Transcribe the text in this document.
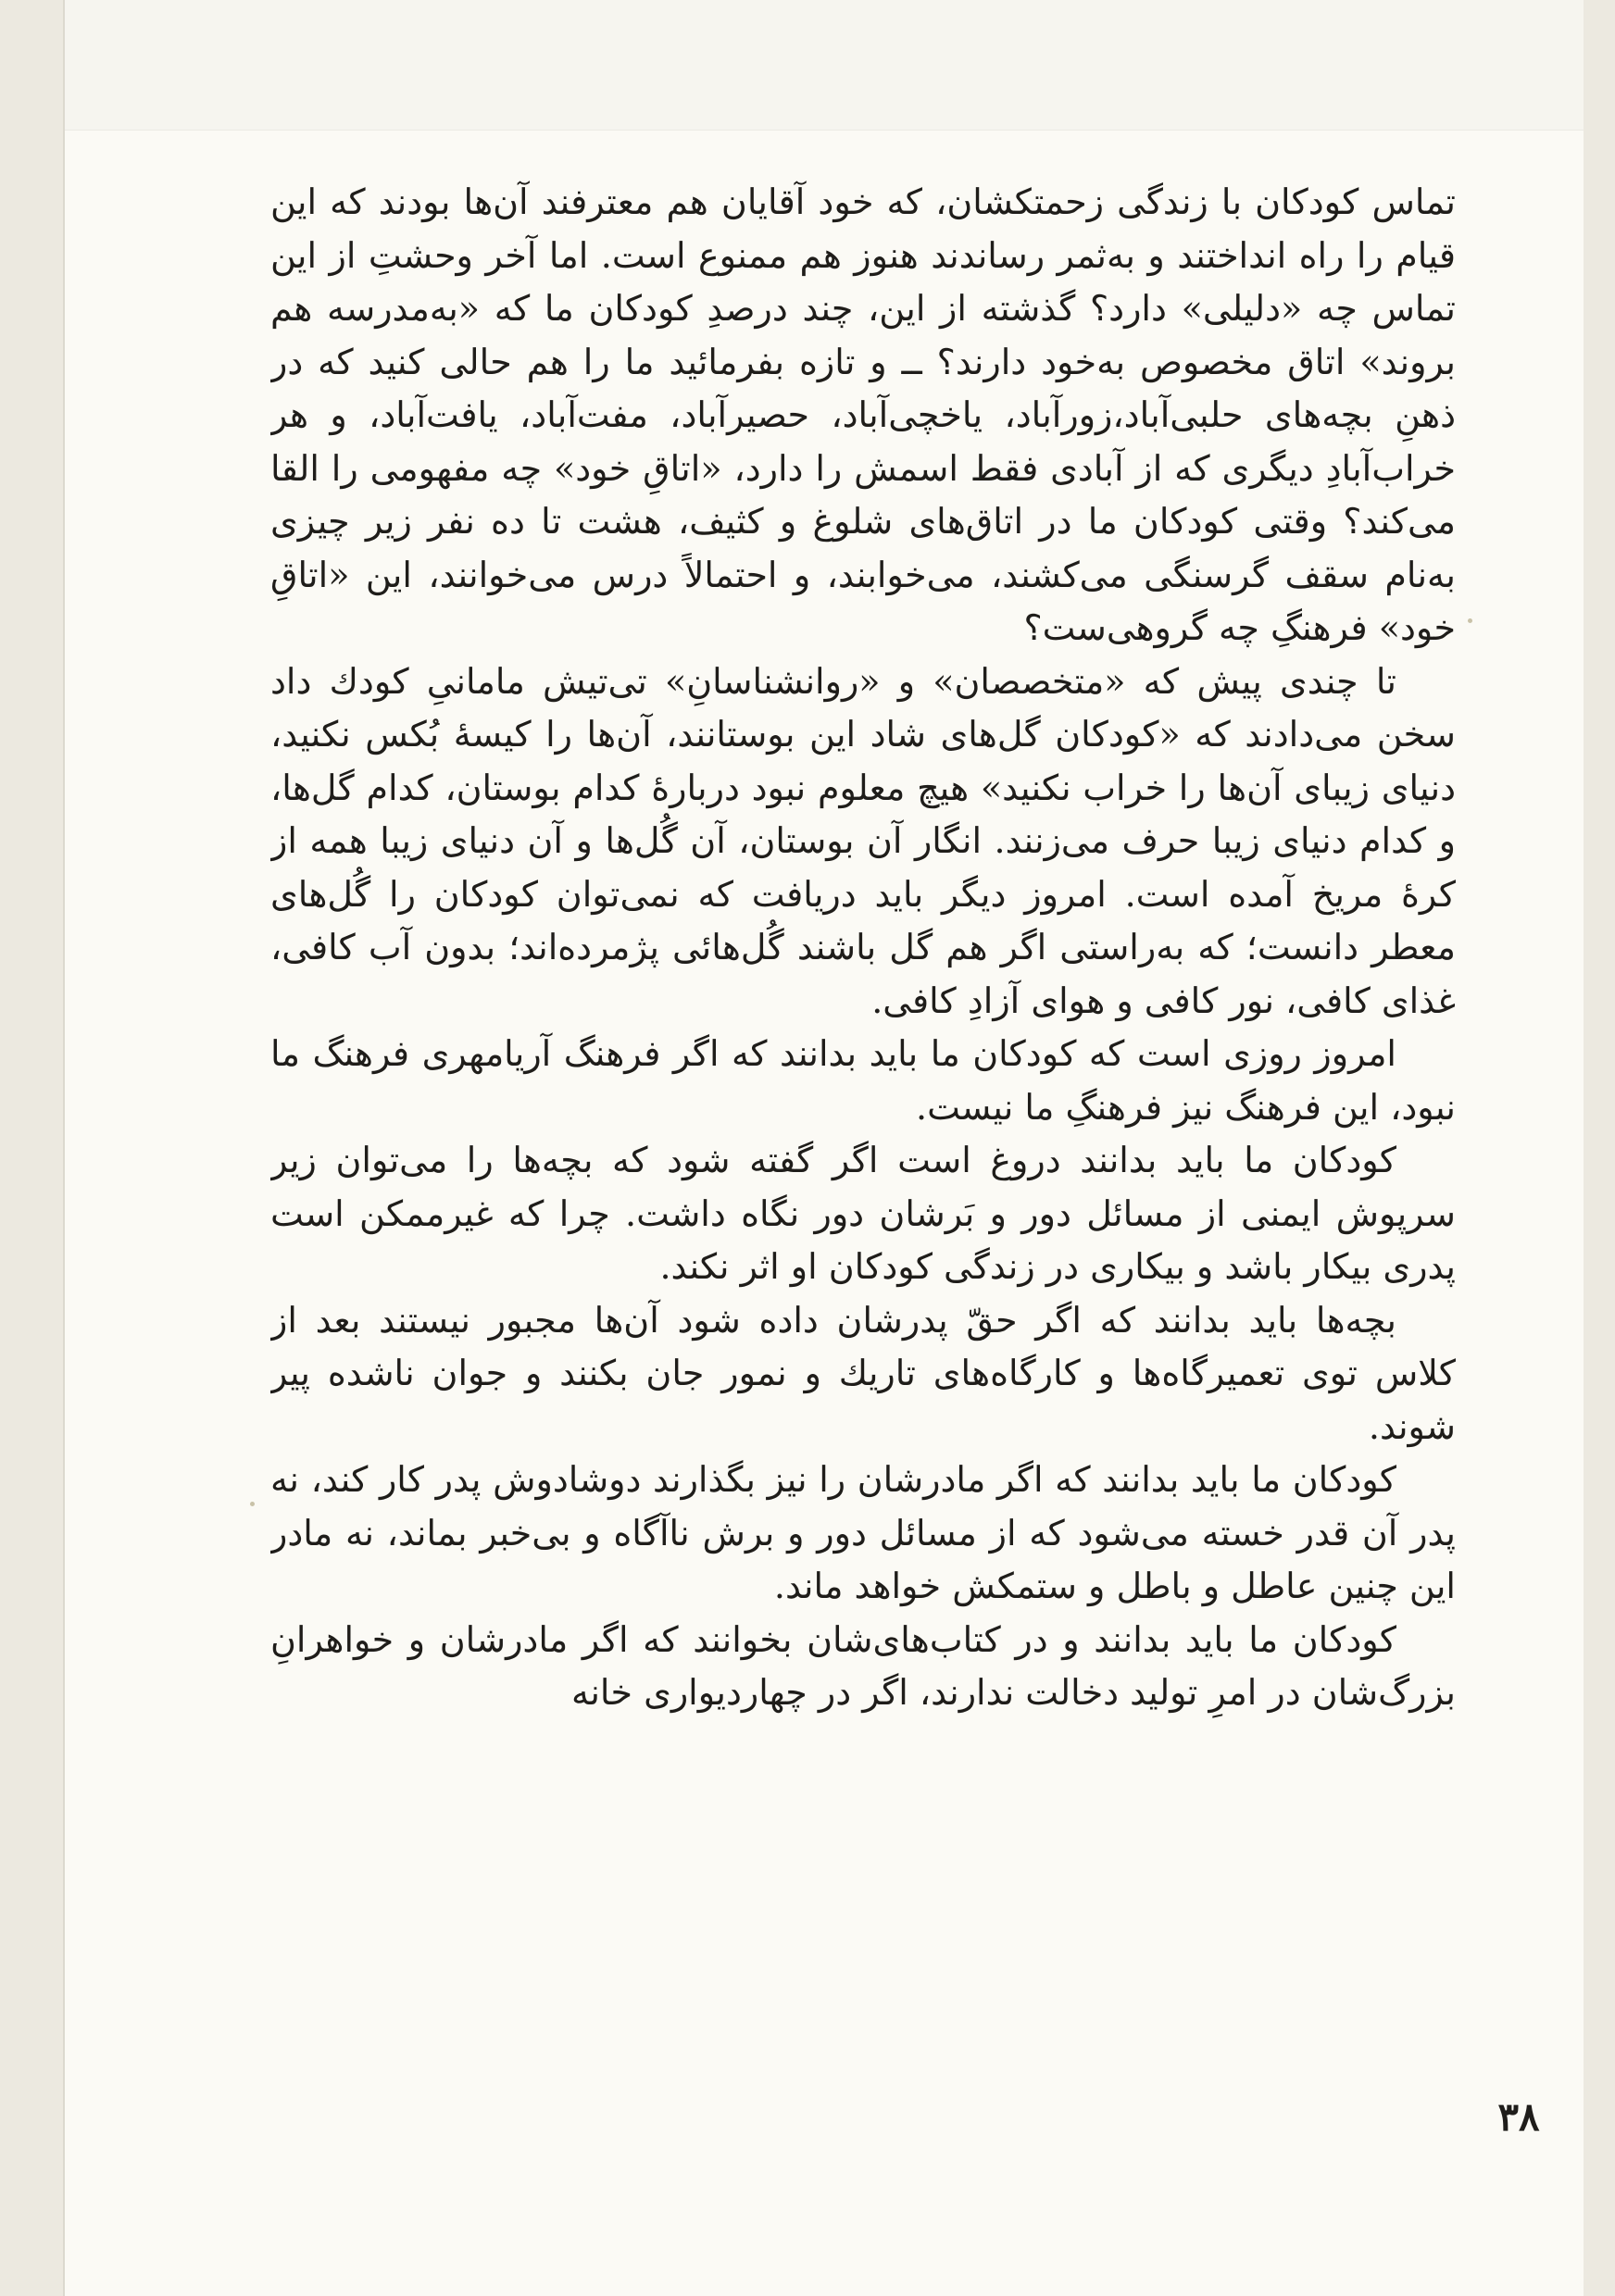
تماس کودکان با زندگی زحمتکشان، که خود آقایان هم معترفند آن‌ها بودند که این قیام را راه انداختند و به‌ثمر رساندند هنوز هم ممنوع است. اما آخر وحشتِ از این تماس چه «دلیلی» دارد؟ گذشته از این، چند درصدِ کودکان ما که «به‌مدرسه هم بروند» اتاق مخصوص به‌خود دارند؟ ــ و تازه بفرمائید ما را هم حالی کنید که در ذهنِ بچه‌های حلبی‌آباد،زورآباد، یاخچی‌آباد، حصیرآباد، مفت‌آباد، یافت‌آباد، و هر خراب‌آبادِ دیگری که از آبادی فقط اسمش را دارد، «اتاقِ خود» چه مفهومی را القا می‌کند؟ وقتی کودکان ما در اتاق‌های شلوغ و کثیف، هشت تا ده نفر زیر چیزی به‌نام سقف گرسنگی می‌کشند، می‌خوابند، و احتمالاً درس می‌خوانند، این «اتاقِ خود» فرهنگِ چه گروهی‌ست؟

تا چندی پیش که «متخصصان» و «روانشناسانِ» تی‌تیش مامانیِ کودك داد سخن می‌دادند که «کودکان گل‌های شاد این بوستانند، آن‌ها را کیسهٔ بُکس نکنید، دنیای زیبای آن‌ها را خراب نکنید» هیچ معلوم نبود دربارهٔ کدام بوستان، کدام گل‌ها، و کدام دنیای زیبا حرف می‌زنند. انگار آن بوستان، آن گُل‌ها و آن دنیای زیبا همه از کرهٔ مریخ آمده است. امروز دیگر باید دریافت که نمی‌توان کودکان را گُل‌های معطر دانست؛ که به‌راستی اگر هم گل باشند گُل‌هائی پژمرده‌اند؛ بدون آب کافی، غذای کافی، نور کافی و هوای آزادِ کافی.

امروز روزی است که کودکان ما باید بدانند که اگر فرهنگ آریامهری فرهنگ ما نبود، این فرهنگ نیز فرهنگِ ما نیست.

کودکان ما باید بدانند دروغ است اگر گفته شود که بچه‌ها را می‌توان زیر سرپوش ایمنی از مسائل دور و بَرشان دور نگاه داشت. چرا که غیرممکن است پدری بیکار باشد و بیکاری در زندگی کودکان او اثر نکند.

بچه‌ها باید بدانند که اگر حقّ پدرشان داده شود آن‌ها مجبور نیستند بعد از کلاس توی تعمیرگاه‌ها و کارگاه‌های تاریك و نمور جان بکنند و جوان ناشده پیر شوند.

کودکان ما باید بدانند که اگر مادرشان را نیز بگذارند دوشادوش پدر کار کند، نه پدر آن قدر خسته می‌شود که از مسائل دور و برش ناآگاه و بی‌خبر بماند، نه مادر این چنین عاطل و باطل و ستمکش خواهد ماند.

کودکان ما باید بدانند و در کتاب‌های‌شان بخوانند که اگر مادرشان و خواهرانِ بزرگ‌شان در امرِ تولید دخالت ندارند، اگر در چهاردیواری خانه

۳۸
